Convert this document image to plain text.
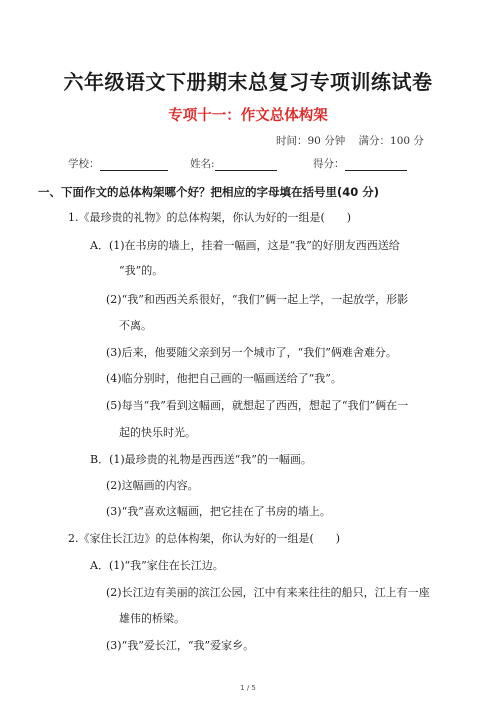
六年级语文下册期末总复习专项训练试卷
专项十一：作文总体构架
时间：90 分钟 满分：100 分
学校：	姓名:	得分：
一、下面作文的总体构架哪个好？把相应的字母填在括号里(40 分)
1.《最珍贵的礼物》的总体构架，你认为好的一组是(　　)
A．(1)在书房的墙上，挂着一幅画，这是“我”的好朋友西西送给
“我”的。
(2)“我”和西西关系很好，“我们”俩一起上学，一起放学，形影
不离。
(3)后来，他要随父亲到另一个城市了，“我们”俩难舍难分。
(4)临分别时，他把自己画的一幅画送给了“我”。
(5)每当“我”看到这幅画，就想起了西西，想起了“我们”俩在一
起的快乐时光。
B．(1)最珍贵的礼物是西西送“我”的一幅画。
(2)这幅画的内容。
(3)“我”喜欢这幅画，把它挂在了书房的墙上。
2.《家住长江边》的总体构架，你认为好的一组是(　　)
A．(1)“我”家住在长江边。
(2)长江边有美丽的滨江公园，江中有来来往往的船只，江上有一座
雄伟的桥梁。
(3)“我”爱长江，“我”爱家乡。
1 / 5
